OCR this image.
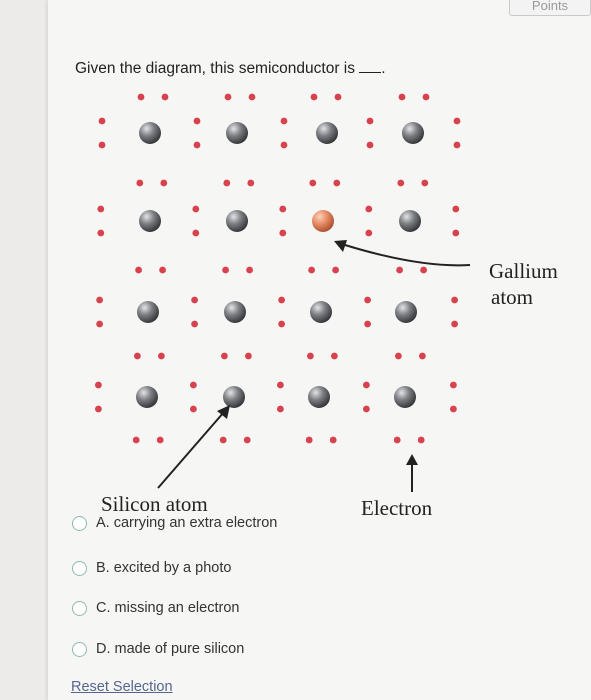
Points
Given the diagram, this semiconductor is .
Gallium
atom
Silicon atom	Electron
A. carrying an extra electron
B. excited by a photo
C. missing an electron
D. made of pure silicon
Reset Selection
